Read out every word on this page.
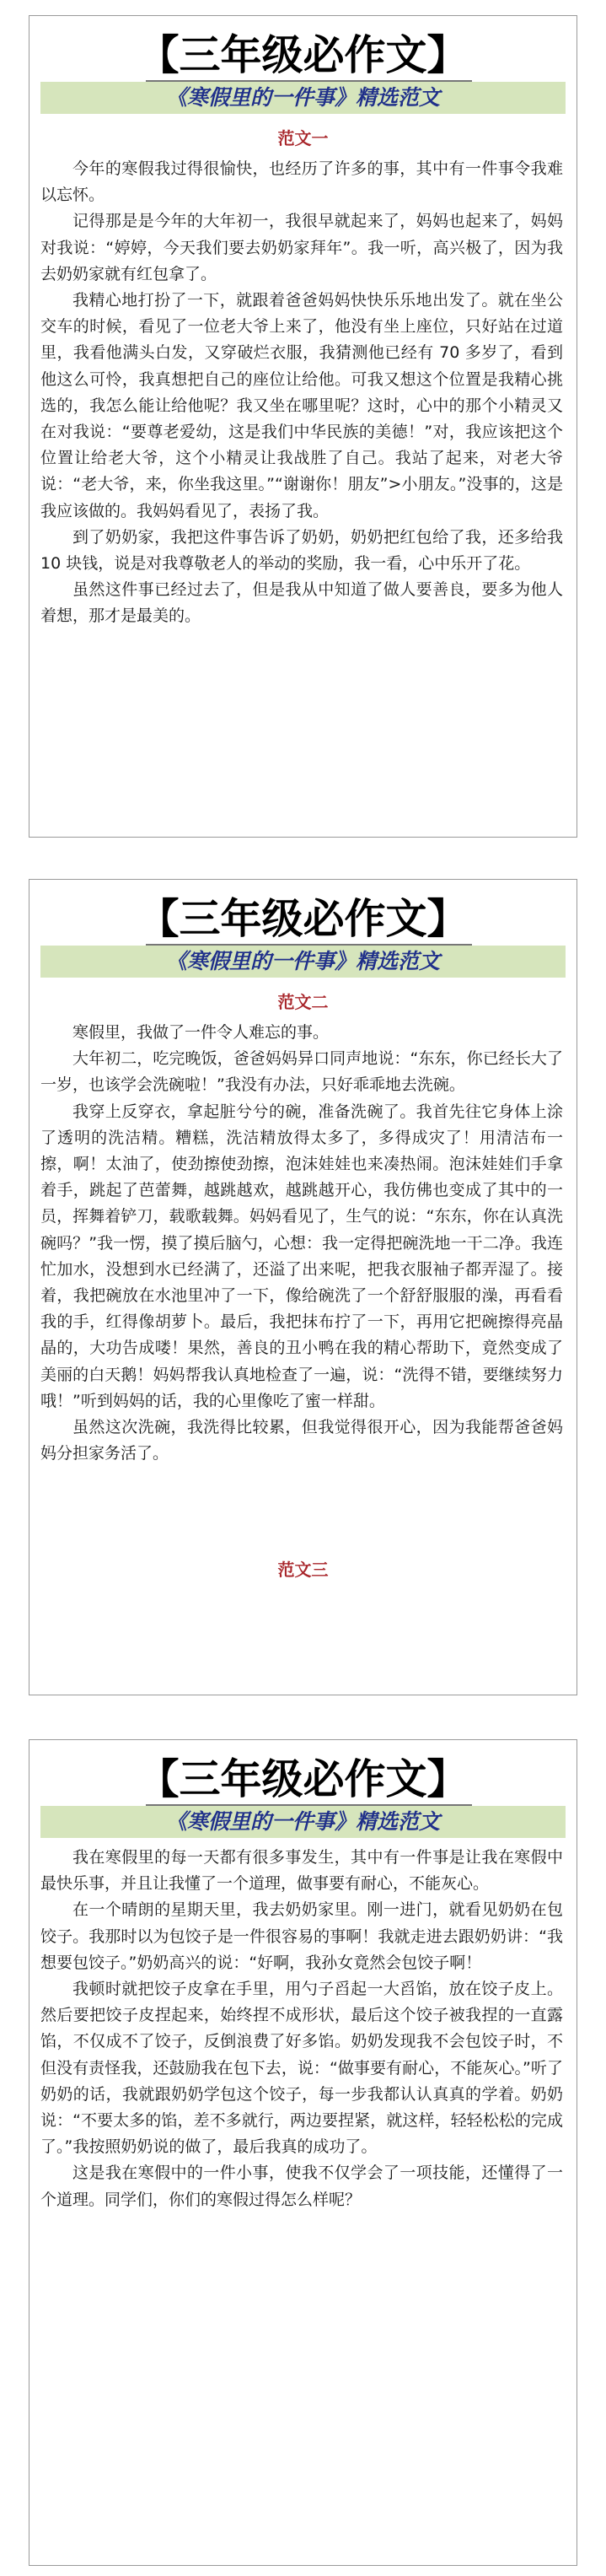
【三年级必作文】
《寒假里的一件事》精选范文
范文一

今年的寒假我过得很愉快，也经历了许多的事，其中有一件事令我难以忘怀。

记得那是是今年的大年初一，我很早就起来了，妈妈也起来了，妈妈对我说：“婷婷，今天我们要去奶奶家拜年”。我一听，高兴极了，因为我去奶奶家就有红包拿了。

我精心地打扮了一下，就跟着爸爸妈妈快快乐乐地出发了。就在坐公交车的时候，看见了一位老大爷上来了，他没有坐上座位，只好站在过道里，我看他满头白发，又穿破烂衣服，我猜测他已经有 70 多岁了，看到他这么可怜，我真想把自己的座位让给他。可我又想这个位置是我精心挑选的，我怎么能让给他呢？我又坐在哪里呢？这时，心中的那个小精灵又在对我说：“要尊老爱幼，这是我们中华民族的美德！”对，我应该把这个位置让给老大爷，这个小精灵让我战胜了自己。我站了起来，对老大爷说：“老大爷，来，你坐我这里。”“谢谢你！朋友”>小朋友。”没事的，这是我应该做的。我妈妈看见了，表扬了我。

到了奶奶家，我把这件事告诉了奶奶，奶奶把红包给了我，还多给我 10 块钱，说是对我尊敬老人的举动的奖励，我一看，心中乐开了花。

虽然这件事已经过去了，但是我从中知道了做人要善良，要多为他人着想，那才是最美的。

【三年级必作文】
《寒假里的一件事》精选范文
范文二

寒假里，我做了一件令人难忘的事。

大年初二，吃完晚饭，爸爸妈妈异口同声地说：“东东，你已经长大了一岁，也该学会洗碗啦！”我没有办法，只好乖乖地去洗碗。

我穿上反穿衣，拿起脏兮兮的碗，准备洗碗了。我首先往它身体上涂了透明的洗洁精。糟糕，洗洁精放得太多了，多得成灾了！用清洁布一擦，啊！太油了，使劲擦使劲擦，泡沫娃娃也来凑热闹。泡沫娃娃们手拿着手，跳起了芭蕾舞，越跳越欢，越跳越开心，我仿佛也变成了其中的一员，挥舞着铲刀，载歌载舞。妈妈看见了，生气的说：“东东，你在认真洗碗吗？”我一愣，摸了摸后脑勺，心想：我一定得把碗洗地一干二净。我连忙加水，没想到水已经满了，还溢了出来呢，把我衣服袖子都弄湿了。接着，我把碗放在水池里冲了一下，像给碗洗了一个舒舒服服的澡，再看看我的手，红得像胡萝卜。最后，我把抹布拧了一下，再用它把碗擦得亮晶晶的，大功告成喽！果然，善良的丑小鸭在我的精心帮助下，竟然变成了美丽的白天鹅！妈妈帮我认真地检查了一遍，说：“洗得不错，要继续努力哦！”听到妈妈的话，我的心里像吃了蜜一样甜。

虽然这次洗碗，我洗得比较累，但我觉得很开心，因为我能帮爸爸妈妈分担家务活了。

范文三
【三年级必作文】
《寒假里的一件事》精选范文

我在寒假里的每一天都有很多事发生，其中有一件事是让我在寒假中最快乐事，并且让我懂了一个道理，做事要有耐心，不能灰心。

在一个晴朗的星期天里，我去奶奶家里。刚一进门，就看见奶奶在包饺子。我那时以为包饺子是一件很容易的事啊！我就走进去跟奶奶讲：“我想要包饺子。”奶奶高兴的说：“好啊，我孙女竟然会包饺子啊！

我顿时就把饺子皮拿在手里，用勺子舀起一大舀馅，放在饺子皮上。然后要把饺子皮捏起来，始终捏不成形状，最后这个饺子被我捏的一直露馅，不仅成不了饺子，反倒浪费了好多馅。奶奶发现我不会包饺子时，不但没有责怪我，还鼓励我在包下去，说：“做事要有耐心，不能灰心。”听了奶奶的话，我就跟奶奶学包这个饺子，每一步我都认认真真的学着。奶奶说：“不要太多的馅，差不多就行，两边要捏紧，就这样，轻轻松松的完成了。”我按照奶奶说的做了，最后我真的成功了。

这是我在寒假中的一件小事，使我不仅学会了一项技能，还懂得了一个道理。同学们，你们的寒假过得怎么样呢？
